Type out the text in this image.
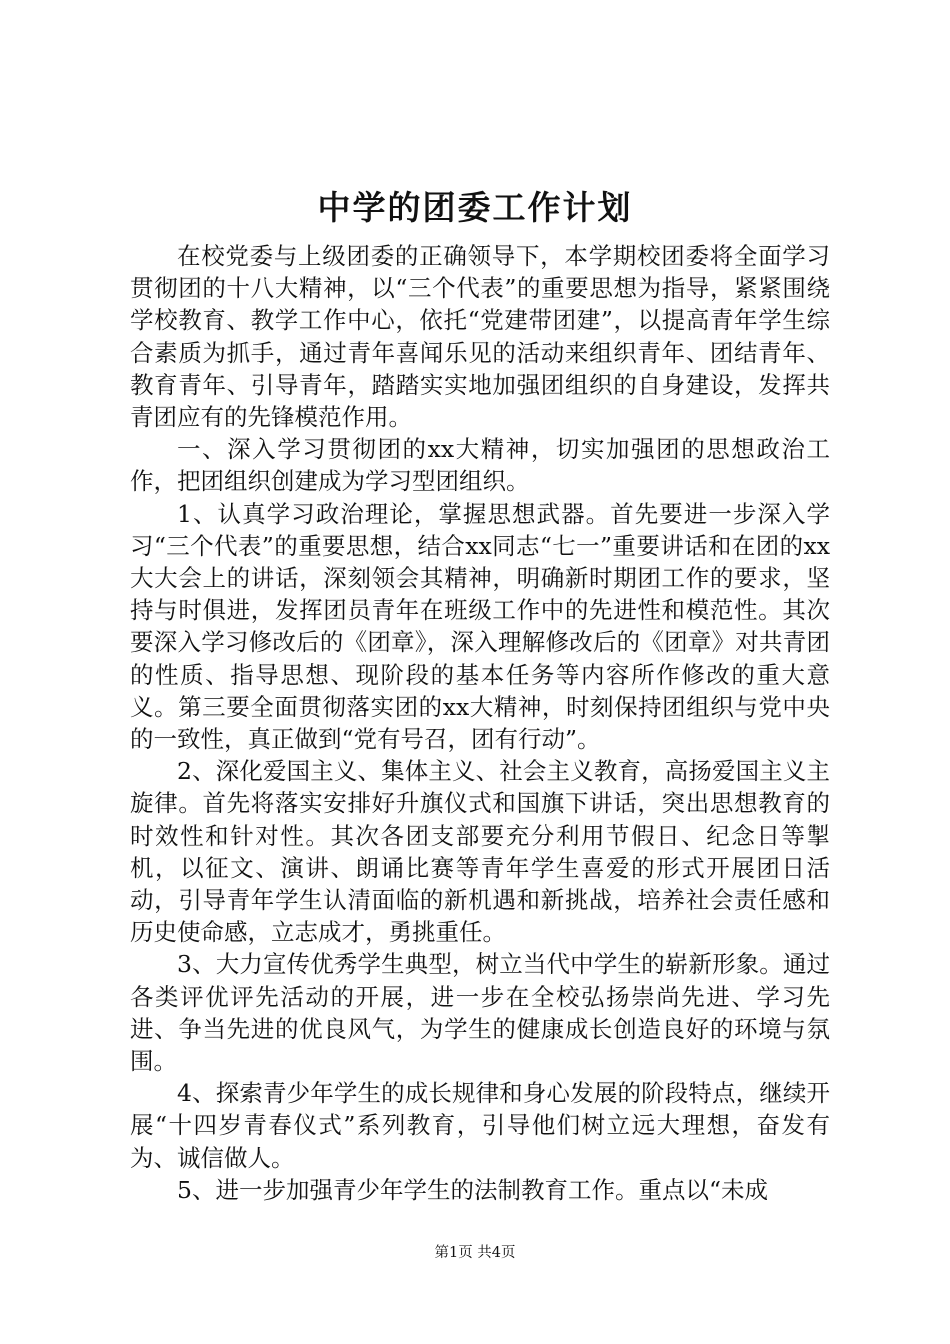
中学的团委工作计划

在校党委与上级团委的正确领导下，本学期校团委将全面学习贯彻团的十八大精神，以“三个代表”的重要思想为指导，紧紧围绕学校教育、教学工作中心，依托“党建带团建”，以提高青年学生综合素质为抓手，通过青年喜闻乐见的活动来组织青年、团结青年、教育青年、引导青年，踏踏实实地加强团组织的自身建设，发挥共青团应有的先锋模范作用。

一、深入学习贯彻团的xx大精神，切实加强团的思想政治工作，把团组织创建成为学习型团组织。

1、认真学习政治理论，掌握思想武器。首先要进一步深入学习“三个代表”的重要思想，结合xx同志“七一”重要讲话和在团的xx大大会上的讲话，深刻领会其精神，明确新时期团工作的要求，坚持与时俱进，发挥团员青年在班级工作中的先进性和模范性。其次要深入学习修改后的《团章》，深入理解修改后的《团章》对共青团的性质、指导思想、现阶段的基本任务等内容所作修改的重大意义。第三要全面贯彻落实团的xx大精神，时刻保持团组织与党中央的一致性，真正做到“党有号召，团有行动”。

2、深化爱国主义、集体主义、社会主义教育，高扬爱国主义主旋律。首先将落实安排好升旗仪式和国旗下讲话，突出思想教育的时效性和针对性。其次各团支部要充分利用节假日、纪念日等掣机，以征文、演讲、朗诵比赛等青年学生喜爱的形式开展团日活动，引导青年学生认清面临的新机遇和新挑战，培养社会责任感和历史使命感，立志成才，勇挑重任。

3、大力宣传优秀学生典型，树立当代中学生的崭新形象。通过各类评优评先活动的开展，进一步在全校弘扬崇尚先进、学习先进、争当先进的优良风气，为学生的健康成长创造良好的环境与氛围。

4、探索青少年学生的成长规律和身心发展的阶段特点，继续开展“十四岁青春仪式”系列教育，引导他们树立远大理想，奋发有为、诚信做人。

5、进一步加强青少年学生的法制教育工作。重点以“未成

第1页 共4页
